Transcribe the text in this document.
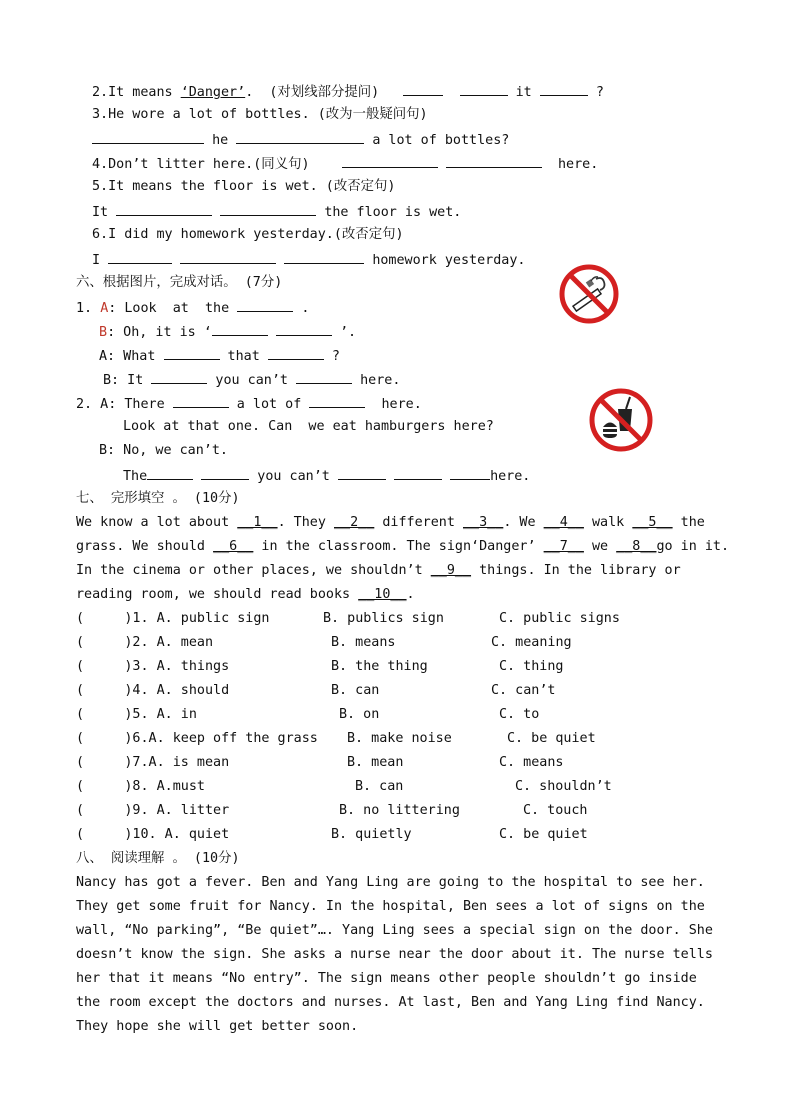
2.It means ‘Danger’.  (对划线部分提问)	it	?
3.He wore a lot of bottles. (改为一般疑问句)
he	a lot of bottles?
4.Don’t litter here.(同义句)	here.
5.It means the floor is wet. (改否定句)
It	the floor is wet.
6.I did my homework yesterday.(改否定句)
I	homework yesterday.
六、根据图片，完成对话。 (7分)
1. A: Look  at  the	.
B: Oh, it is ‘	’.
A: What	that	?
B: It	you can’t	here.
2. A: There	a lot of	here.
Look at that one. Can  we eat hamburgers here?
B: No, we can’t.
The	you can’t	here.
七、 完形填空 。 (10分)
We know a lot about __1__. They __2__ different __3__. We __4__ walk __5__ the
grass. We should __6__ in the classroom. The sign‘Danger’ __7__ we __8__go in it.
In the cinema or other places, we shouldn’t __9__ things. In the library or
reading room, we should read books __10__.
(     )1. A. public sign	B. publics sign	C. public signs
(     )2. A. mean	B. means	C. meaning
(     )3. A. things	B. the thing	C. thing
(     )4. A. should	B. can	C. can’t
(     )5. A. in	B. on	C. to
(     )6.A. keep off the grass B. make noise	C. be quiet
(     )7.A. is mean	B. mean	C. means
(     )8. A.must	B. can	C. shouldn’t
(     )9. A. litter	B. no littering	C. touch
(     )10. A. quiet	B. quietly	C. be quiet
八、 阅读理解 。 (10分)
Nancy has got a fever. Ben and Yang Ling are going to the hospital to see her.
They get some fruit for Nancy. In the hospital, Ben sees a lot of signs on the
wall, “No parking”, “Be quiet”…. Yang Ling sees a special sign on the door. She
doesn’t know the sign. She asks a nurse near the door about it. The nurse tells
her that it means “No entry”. The sign means other people shouldn’t go inside
the room except the doctors and nurses. At last, Ben and Yang Ling find Nancy.
They hope she will get better soon.
